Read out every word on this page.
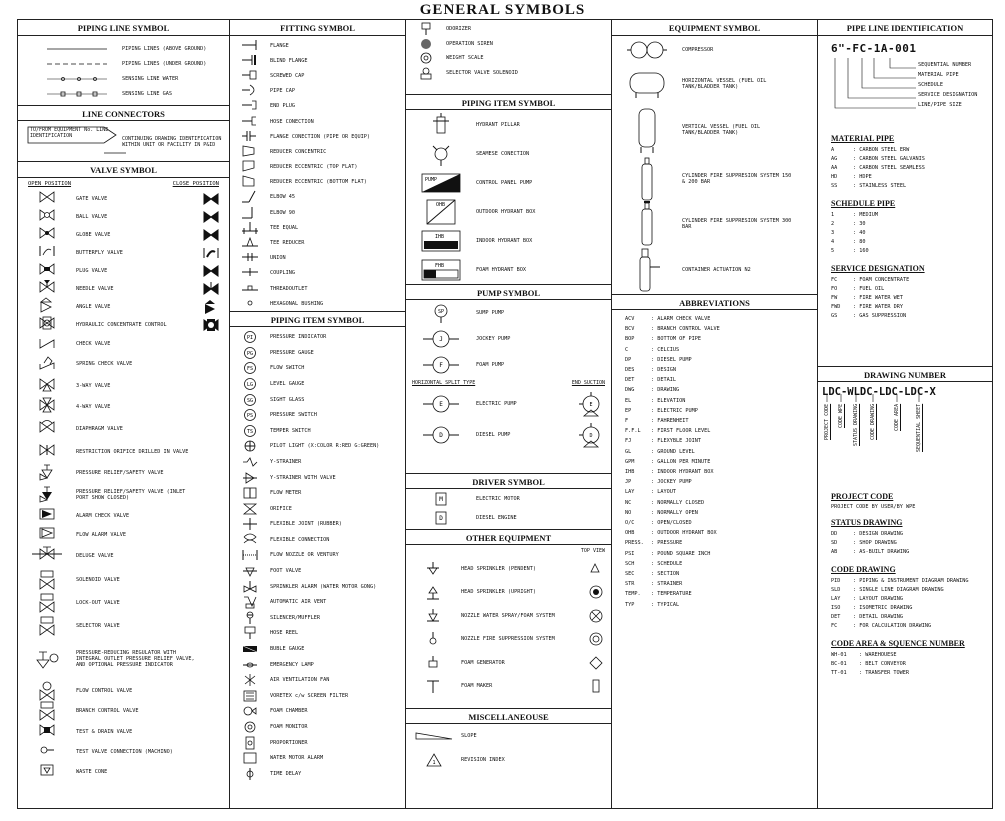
GENERAL SYMBOLS
PIPING LINE SYMBOL
PIPING LINES (ABOVE GROUND)
PIPING LINES (UNDER GROUND)
SENSING LINE WATER
SENSING LINE GAS
LINE CONNECTORS
TO/FROM EQUIPMENT No. LINE IDENTIFICATION	CONTINUING DRAWING IDENTIFICATION WITHIN UNIT OR FACILITY IN P&ID
VALVE SYMBOL
OPEN POSITION	CLOSE POSITION
GATE VALVE
BALL VALVE
GLOBE VALVE
BUTTERFLY VALVE
PLUG VALVE
NEEDLE VALVE
ANGLE VALVE
HYDRAULIC CONCENTRATE CONTROL
CHECK VALVE
SPRING CHECK VALVE
3-WAY VALVE
4-WAY VALVE
DIAPHRAGM VALVE
RESTRICTION ORIFICE DRILLED IN VALVE
PRESSURE RELIEF/SAFETY VALVE
PRESSURE RELIEF/SAFETY VALVE (INLET PORT SHOW CLOSED)
ALARM CHECK VALVE
FLOW ALARM VALVE
DELUGE VALVE
SOLENOID VALVE
LOCK-OUT VALVE
SELECTOR VALVE
PRESSURE-REDUCING REGULATOR WITH INTEGRAL OUTLET PRESSURE RELIEF VALVE, AND OPTIONAL PRESSURE INDICATOR
FLOW CONTROL VALVE
BRANCH CONTROL VALVE
TEST & DRAIN VALVE
TEST VALVE CONNECTION (MACHINO)
WASTE CONE
FITTING SYMBOL
FLANGE
BLIND FLANGE
SCREWED CAP
PIPE CAP
END PLUG
HOSE CONECTION
FLANGE CONECTION (PIPE OR EQUIP)
REDUCER CONCENTRIC
REDUCER ECCENTRIC (TOP FLAT)
REDUCER ECCENTRIC (BOTTOM FLAT)
ELBOW 45
ELBOW 90
TEE EQUAL
TEE REDUCER
UNION
COUPLING
THREADOUTLET
HEXAGONAL BUSHING
PIPING ITEM SYMBOL
PI	PRESSURE INDICATOR
PG	PRESSURE GAUGE
FS	FLOW SWITCH
LG	LEVEL GAUGE
SG	SIGHT GLASS
PS	PRESSURE SWITCH
TS	TEMPER SWITCH
PILOT LIGHT (X:COLOR R:RED G:GREEN)
Y-STRAINER
Y-STRAINER WITH VALVE
FLOW METER
ORIFICE
FLEXIBLE JOINT (RUBBER)
FLEXIBLE CONNECTION
FLOW NOZZLE OR VENTURY
FOOT VALVE
SPRINKLER ALARM (WATER MOTOR GONG)
AUTOMATIC AIR VENT
SILENCER/MUFFLER
HOSE REEL
BUBLE GAUGE
EMERGENCY LAMP
AIR VENTILATION FAN
VORETEX c/w SCREEN FILTER
FOAM CHAMBER
FOAM MONITOR
PROPORTIONER
WATER MOTOR ALARM
TIME DELAY
ODORIZER
OPERATION SIREN
WEIGHT SCALE
SELECTOR VALVE SOLENOID
PIPING ITEM SYMBOL
HYDRANT PILLAR
SEAMESE CONECTION
PUMP	CONTROL PANEL PUMP
OHB
OUTDOOR HYDRANT BOX
IHB
INDOOR HYDRANT BOX
FHB
FOAM HYDRANT BOX
PUMP SYMBOL
SP	SUMP PUMP
J	JOCKEY PUMP
F	FOAM PUMP
HORIZONTAL SPLIT TYPE	END SUCTION
E	ELECTRIC PUMP	E
D	DIESEL PUMP	D
DRIVER SYMBOL
M	ELECTRIC MOTOR
D	DIESEL ENGINE
OTHER EQUIPMENT
TOP VIEW
HEAD SPRINKLER (PENDENT)
HEAD SPRINKLER (UPRIGHT)
NOZZLE WATER SPRAY/FOAM SYSTEM
NOZZLE FIRE SUPPRESSION SYSTEM
FOAM GENERATOR
FOAM MAKER
MISCELLANEOUSE
SLOPE
1	REVISION INDEX
EQUIPMENT SYMBOL
COMPRESSOR
HORIZONTAL VESSEL (FUEL OIL TANK/BLADDER TANK)
VERTICAL VESSEL (FUEL OIL TANK/BLADDER TANK)
CYLINDER FIRE SUPPRESION SYSTEM 150 & 200 BAR
CYLINDER FIRE SUPPRESION SYSTEM 300 BAR
CONTAINER ACTUATION N2
ABBREVIATIONS
ACV	: ALARM CHECK VALVE
BCV	: BRANCH CONTROL VALVE
BOP	: BOTTOM OF PIPE
C	: CELCIUS
DP	: DIESEL PUMP
DES	: DESIGN
DET	: DETAIL
DWG	: DRAWING
EL	: ELEVATION
EP	: ELECTRIC PUMP
F	: FAHRENHEIT
F.F.L	: FIRST FLOOR LEVEL
FJ	: FLEXYBLE JOINT
GL	: GROUND LEVEL
GPM	: GALLON PER MINUTE
IHB	: INDOOR HYDRANT BOX
JP	: JOCKEY PUMP
LAY	: LAYOUT
NC	: NORMALLY CLOSED
NO	: NORMALLY OPEN
O/C	: OPEN/CLOSED
OHB	: OUTDOOR HYDRANT BOX
PRESS.	: PRESSURE
PSI	: POUND SQUARE INCH
SCH	: SCHEDULE
SEC	: SECTION
STR	: STRAINER
TEMP.	: TEMPERATURE
TYP	: TYPICAL
PIPE LINE IDENTIFICATION
6"-FC-1A-001
SEQUENTIAL NUMBER
MATERIAL PIPE
SCHEDULE
SERVICE DESIGNATION
LINE/PIPE SIZE
MATERIAL PIPE
A	: CARBON STEEL ERW
AG	: CARBON STEEL GALVANIS
AA	: CARBON STEEL SEAMLESS
HD	: HDPE
SS	: STAINLESS STEEL
SCHEDULE PIPE
1	: MEDIUM
2	: 30
3	: 40
4	: 80
5	: 160
SERVICE DESIGNATION
FC	: FOAM CONCENTRATE
FO	: FUEL OIL
FW	: FIRE WATER WET
FWD	: FIRE WATER DRY
GS	: GAS SUPPRESSION
DRAWING NUMBER
LDC-WLDC-LDC-LDC-X
PROJECT CODE CODE WPE STATUS DRAWING CODE DRAWING	CODE AREA	SEQUENTIAL SHEET
PROJECT CODE
PROJECT CODE BY USER/BY WPE
STATUS DRAWING
DD	: DESIGN DRAWING
SD	: SHOP DRAWING
AB	: AS-BUILT DRAWING
CODE DRAWING
PID	: PIPING & INSTRUMENT DIAGRAM DRAWING
SLD	: SINGLE LINE DIAGRAM DRAWING
LAY	: LAYOUT DRAWING
ISO	: ISOMETRIC DRAWING
DET	: DETAIL DRAWING
FC	: FOR CALCULATION DRAWING
CODE AREA & SQUENCE NUMBER
WH-01	: WAREHOUESE
BC-01	: BELT CONVEYOR
TT-01	: TRANSFER TOWER
